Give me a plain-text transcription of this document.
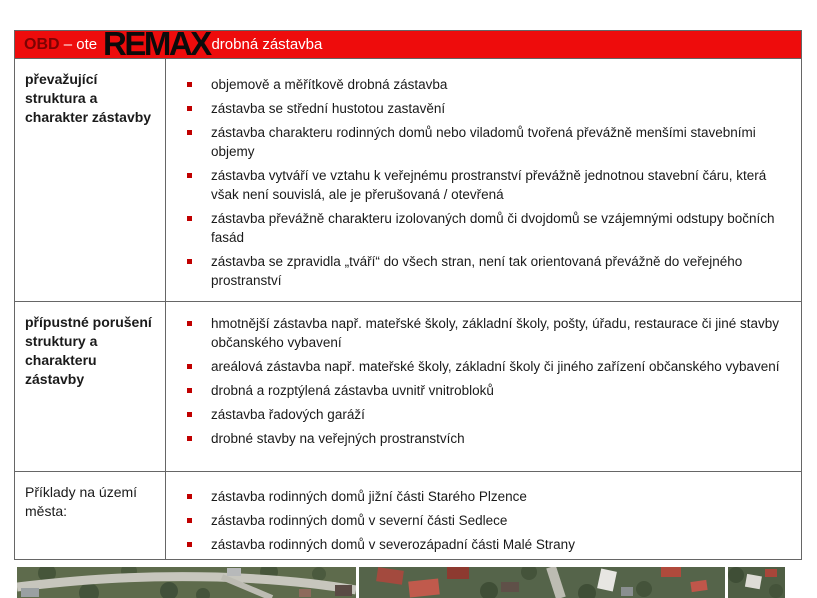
REMAX
OBD – ote	drobná zástavba
převažující struktura a charakter zástavby
objemově a měřítkově drobná zástavba
zástavba se střední hustotou zastavění
zástavba charakteru rodinných domů nebo viladomů tvořená převážně menšími stavebními objemy
zástavba vytváří ve vztahu k veřejnému prostranství převážně jednotnou stavební čáru, která však není souvislá, ale je přerušovaná / otevřená
zástavba převážně charakteru izolovaných domů či dvojdomů se vzájemnými odstupy bočních fasád
zástavba se zpravidla „tváří“ do všech stran, není tak orientovaná převážně do veřejného prostranství
přípustné porušení struktury a charakteru zástavby
hmotnější zástavba např. mateřské školy, základní školy, pošty, úřadu, restaurace či jiné stavby občanského vybavení
areálová zástavba např. mateřské školy, základní školy či jiného zařízení občanského vybavení
drobná a rozptýlená zástavba uvnitř vnitrobloků
zástavba řadových garáží
drobné stavby na veřejných prostranstvích
Příklady na území města:
zástavba rodinných domů jižní části Starého Plzence
zástavba rodinných domů v severní části Sedlece
zástavba rodinných domů v severozápadní části Malé Strany
